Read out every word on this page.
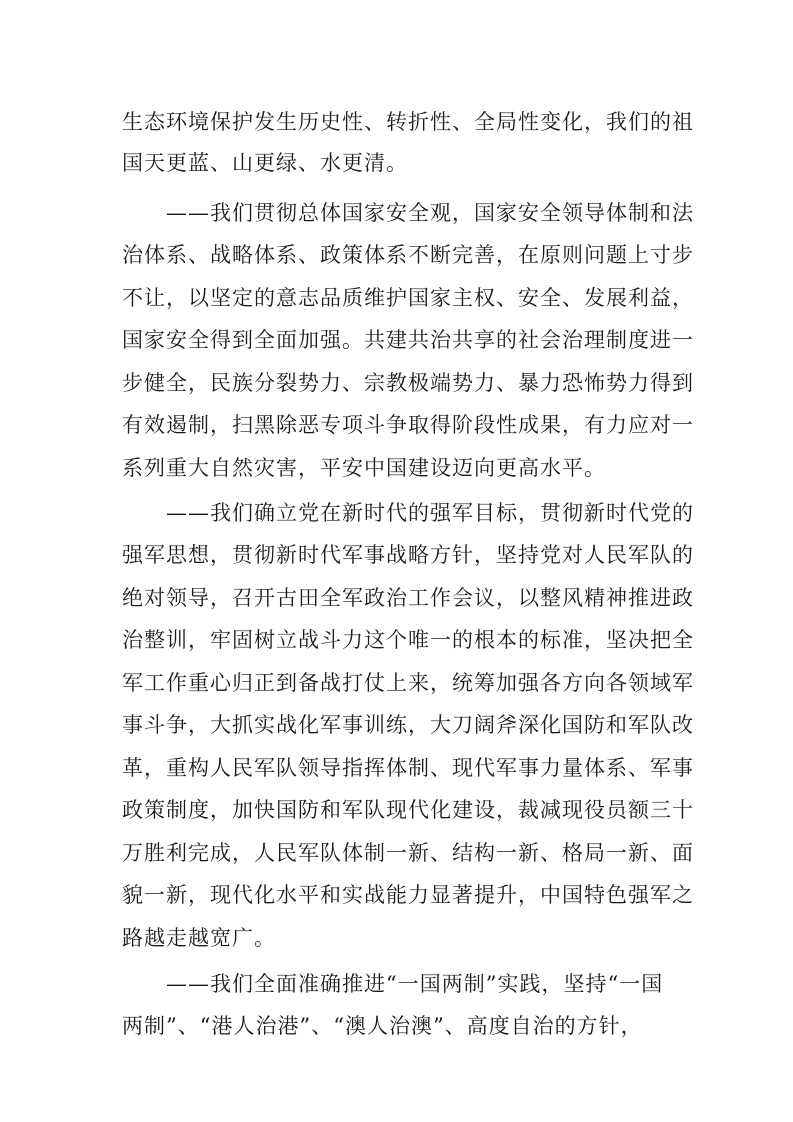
生态环境保护发生历史性、转折性、全局性变化，我们的祖
国天更蓝、山更绿、水更清。
——我们贯彻总体国家安全观，国家安全领导体制和法
治体系、战略体系、政策体系不断完善，在原则问题上寸步
不让，以坚定的意志品质维护国家主权、安全、发展利益，
国家安全得到全面加强。共建共治共享的社会治理制度进一
步健全，民族分裂势力、宗教极端势力、暴力恐怖势力得到
有效遏制，扫黑除恶专项斗争取得阶段性成果，有力应对一
系列重大自然灾害，平安中国建设迈向更高水平。
——我们确立党在新时代的强军目标，贯彻新时代党的
强军思想，贯彻新时代军事战略方针，坚持党对人民军队的
绝对领导，召开古田全军政治工作会议，以整风精神推进政
治整训，牢固树立战斗力这个唯一的根本的标准，坚决把全
军工作重心归正到备战打仗上来，统筹加强各方向各领域军
事斗争，大抓实战化军事训练，大刀阔斧深化国防和军队改
革，重构人民军队领导指挥体制、现代军事力量体系、军事
政策制度，加快国防和军队现代化建设，裁减现役员额三十
万胜利完成，人民军队体制一新、结构一新、格局一新、面
貌一新，现代化水平和实战能力显著提升，中国特色强军之
路越走越宽广。
——我们全面准确推进“一国两制”实践，坚持“一国
两制”、“港人治港”、“澳人治澳”、高度自治的方针，
